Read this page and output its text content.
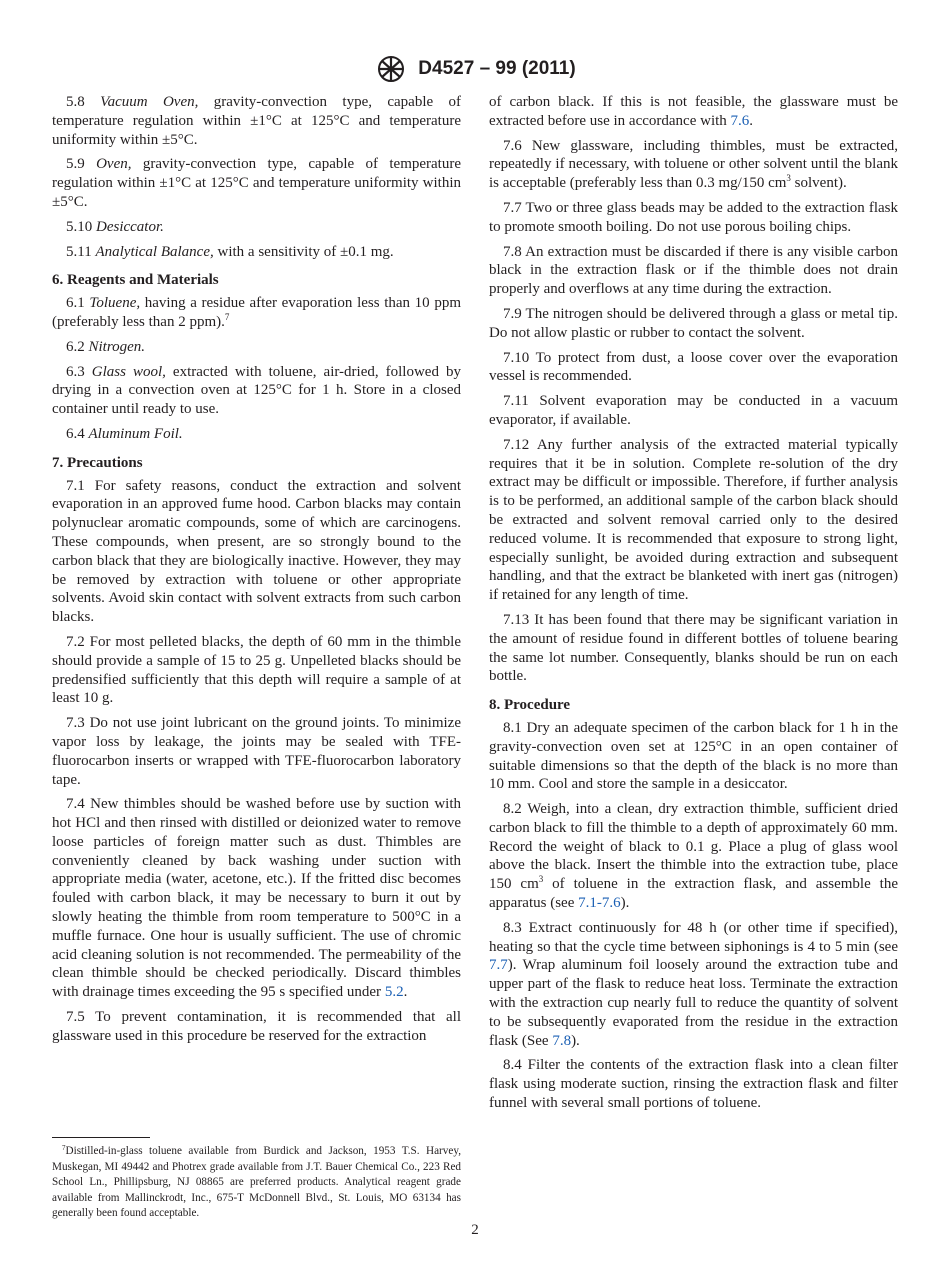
D4527 – 99 (2011)

5.8 Vacuum Oven, gravity-convection type, capable of temperature regulation within ±1°C at 125°C and temperature uniformity within ±5°C.

5.9 Oven, gravity-convection type, capable of temperature regulation within ±1°C at 125°C and temperature uniformity within ±5°C.

5.10 Desiccator.

5.11 Analytical Balance, with a sensitivity of ±0.1 mg.

6. Reagents and Materials

6.1 Toluene, having a residue after evaporation less than 10 ppm (preferably less than 2 ppm).$^7$

6.2 Nitrogen.

6.3 Glass wool, extracted with toluene, air-dried, followed by drying in a convection oven at 125°C for 1 h. Store in a closed container until ready to use.

6.4 Aluminum Foil.

7. Precautions

7.1 For safety reasons, conduct the extraction and solvent evaporation in an approved fume hood. Carbon blacks may contain polynuclear aromatic compounds, some of which are carcinogens. These compounds, when present, are so strongly bound to the carbon black that they are biologically inactive. However, they may be removed by extraction with toluene or other appropriate solvents. Avoid skin contact with solvent extracts from such carbon blacks.

7.2 For most pelleted blacks, the depth of 60 mm in the thimble should provide a sample of 15 to 25 g. Unpelleted blacks should be predensified sufficiently that this depth will require a sample of at least 10 g.

7.3 Do not use joint lubricant on the ground joints. To minimize vapor loss by leakage, the joints may be sealed with TFE-fluorocarbon inserts or wrapped with TFE-fluorocarbon laboratory tape.

7.4 New thimbles should be washed before use by suction with hot HCl and then rinsed with distilled or deionized water to remove loose particles of foreign matter such as dust. Thimbles are conveniently cleaned by back washing under suction with appropriate media (water, acetone, etc.). If the fritted disc becomes fouled with carbon black, it may be necessary to burn it out by slowly heating the thimble from room temperature to 500°C in a muffle furnace. One hour is usually sufficient. The use of chromic acid cleaning solution is not recommended. The permeability of the clean thimble should be checked periodically. Discard thimbles with drainage times exceeding the 95 s specified under 5.2.

7.5 To prevent contamination, it is recommended that all glassware used in this procedure be reserved for the extraction

of carbon black. If this is not feasible, the glassware must be extracted before use in accordance with 7.6.

7.6 New glassware, including thimbles, must be extracted, repeatedly if necessary, with toluene or other solvent until the blank is acceptable (preferably less than 0.3 mg/150 $cm^3$ solvent).

7.7 Two or three glass beads may be added to the extraction flask to promote smooth boiling. Do not use porous boiling chips.

7.8 An extraction must be discarded if there is any visible carbon black in the extraction flask or if the thimble does not drain properly and overflows at any time during the extraction.

7.9 The nitrogen should be delivered through a glass or metal tip. Do not allow plastic or rubber to contact the solvent.

7.10 To protect from dust, a loose cover over the evaporation vessel is recommended.

7.11 Solvent evaporation may be conducted in a vacuum evaporator, if available.

7.12 Any further analysis of the extracted material typically requires that it be in solution. Complete re-solution of the dry extract may be difficult or impossible. Therefore, if further analysis is to be performed, an additional sample of the carbon black should be extracted and solvent removal carried only to the desired reduced volume. It is recommended that exposure to strong light, especially sunlight, be avoided during extraction and subsequent handling, and that the extract be blanketed with inert gas (nitrogen) if retained for any length of time.

7.13 It has been found that there may be significant variation in the amount of residue found in different bottles of toluene bearing the same lot number. Consequently, blanks should be run on each bottle.

8. Procedure

8.1 Dry an adequate specimen of the carbon black for 1 h in the gravity-convection oven set at 125°C in an open container of suitable dimensions so that the depth of the black is no more than 10 mm. Cool and store the sample in a desiccator.

8.2 Weigh, into a clean, dry extraction thimble, sufficient dried carbon black to fill the thimble to a depth of approximately 60 mm. Record the weight of black to 0.1 g. Place a plug of glass wool above the black. Insert the thimble into the extraction tube, place 150 $cm^3$ of toluene in the extraction flask, and assemble the apparatus (see 7.1-7.6).

8.3 Extract continuously for 48 h (or other time if specified), heating so that the cycle time between siphonings is 4 to 5 min (see 7.7). Wrap aluminum foil loosely around the extraction tube and upper part of the flask to reduce heat loss. Terminate the extraction with the extraction cup nearly full to reduce the quantity of solvent to be subsequently evaporated from the residue in the extraction flask (See 7.8).

8.4 Filter the contents of the extraction flask into a clean filter flask using moderate suction, rinsing the extraction flask and filter funnel with several small portions of toluene.

$^7$Distilled-in-glass toluene available from Burdick and Jackson, 1953 T.S. Harvey, Muskegan, MI 49442 and Photrex grade available from J.T. Bauer Chemical Co., 223 Red School Ln., Phillipsburg, NJ 08865 are preferred products. Analytical reagent grade available from Mallinckrodt, Inc., 675-T McDonnell Blvd., St. Louis, MO 63134 has generally been found acceptable.

2
